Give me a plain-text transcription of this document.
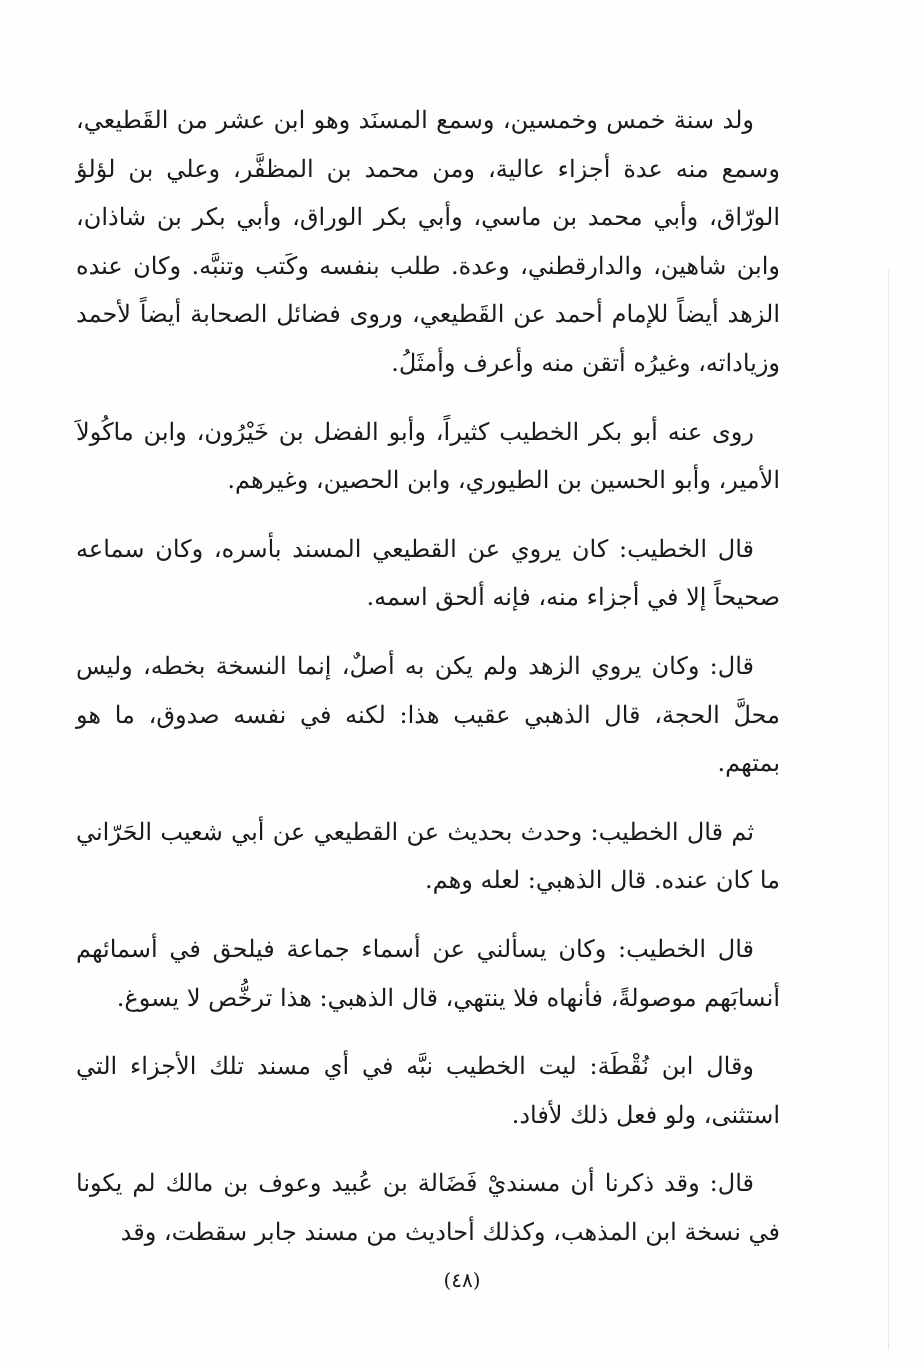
ولد سنة خمس وخمسين، وسمع المسنَد وهو ابن عشر من القَطيعي، وسمع منه عدة أجزاء عالية، ومن محمد بن المظفَّر، وعلي بن لؤلؤ الورّاق، وأبي محمد بن ماسي، وأبي بكر الوراق، وأبي بكر بن شاذان، وابن شاهين، والدارقطني، وعدة. طلب بنفسه وكَتب وتنبَّه. وكان عنده الزهد أيضاً للإمام أحمد عن القَطيعي، وروى فضائل الصحابة أيضاً لأحمد وزياداته، وغيرُه أتقن منه وأعرف وأمثَلُ.

روى عنه أبو بكر الخطيب كثيراً، وأبو الفضل بن خَيْرُون، وابن ماكُولاَ الأمير، وأبو الحسين بن الطيوري، وابن الحصين، وغيرهم.

قال الخطيب: كان يروي عن القطيعي المسند بأسره، وكان سماعه صحيحاً إلا في أجزاء منه، فإنه ألحق اسمه.

قال: وكان يروي الزهد ولم يكن به أصلٌ، إنما النسخة بخطه، وليس محلَّ الحجة، قال الذهبي عقيب هذا: لكنه في نفسه صدوق، ما هو بمتهم.

ثم قال الخطيب: وحدث بحديث عن القطيعي عن أبي شعيب الحَرّاني ما كان عنده. قال الذهبي: لعله وهم.

قال الخطيب: وكان يسألني عن أسماء جماعة فيلحق في أسمائهم أنسابَهم موصولةً، فأنهاه فلا ينتهي، قال الذهبي: هذا ترخُّص لا يسوغ.

وقال ابن نُقْطَة: ليت الخطيب نبَّه في أي مسند تلك الأجزاء التي استثنى، ولو فعل ذلك لأفاد.

قال: وقد ذكرنا أن مسنديْ فَضَالة بن عُبيد وعوف بن مالك لم يكونا في نسخة ابن المذهب، وكذلك أحاديث من مسند جابر سقطت، وقد

(٤٨)
